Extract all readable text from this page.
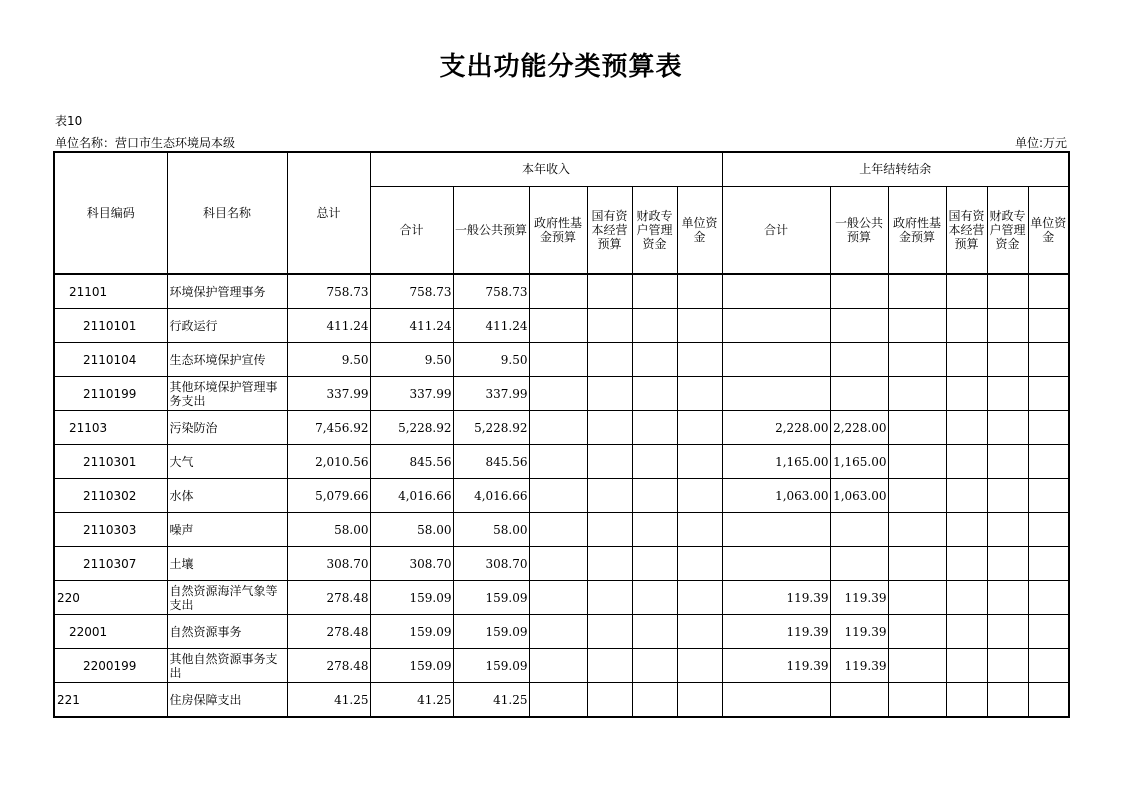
支出功能分类预算表
表10
单位名称：营口市生态环境局本级	单位:万元
科目编码	科目名称	总计	本年收入						上年结转结余					
			合计	一般公共预算	政府性基金预算	国有资本经营预算	财政专户管理资金	单位资金	合计	一般公共预算	政府性基金预算	国有资本经营预算	财政专户管理资金	单位资金
21101	环境保护管理事务	758.73	758.73	758.73										
2110101	行政运行	411.24	411.24	411.24										
2110104	生态环境保护宣传	9.50	9.50	9.50										
2110199	其他环境保护管理事务支出	337.99	337.99	337.99										
21103	污染防治	7,456.92	5,228.92	5,228.92					2,228.00	2,228.00				
2110301	大气	2,010.56	845.56	845.56					1,165.00	1,165.00				
2110302	水体	5,079.66	4,016.66	4,016.66					1,063.00	1,063.00				
2110303	噪声	58.00	58.00	58.00										
2110307	土壤	308.70	308.70	308.70										
220	自然资源海洋气象等支出	278.48	159.09	159.09					119.39	119.39				
22001	自然资源事务	278.48	159.09	159.09					119.39	119.39				
2200199	其他自然资源事务支出	278.48	159.09	159.09					119.39	119.39				
221	住房保障支出	41.25	41.25	41.25										
